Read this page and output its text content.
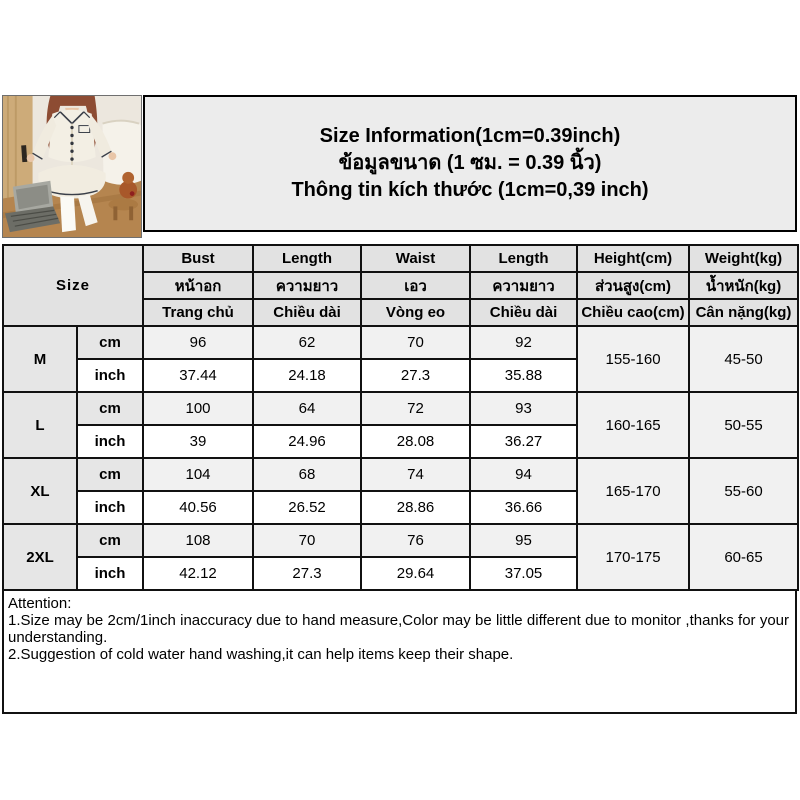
Size Information(1cm=0.39inch)
ข้อมูลขนาด (1 ซม. = 0.39 นิ้ว)
Thông tin kích thước (1cm=0,39 inch)
Size		Bust	Length	Waist	Length	Height(cm)	Weight(kg)
		หน้าอก	ความยาว	เอว	ความยาว	ส่วนสูง(cm)	น้ำหนัก(kg)
		Trang chủ	Chiều dài	Vòng eo	Chiều dài	Chiều cao(cm)	Cân nặng(kg)
M	cm	96	62	70	92	155-160	45-50
	inch	37.44	24.18	27.3	35.88		
L	cm	100	64	72	93	160-165	50-55
	inch	39	24.96	28.08	36.27		
XL	cm	104	68	74	94	165-170	55-60
	inch	40.56	26.52	28.86	36.66		
2XL	cm	108	70	76	95	170-175	60-65
	inch	42.12	27.3	29.64	37.05		

Attention:

1.Size may be 2cm/1inch inaccuracy due to hand measure,Color may be little different due to monitor ,thanks for your understanding.

2.Suggestion of cold water hand washing,it can help items keep their shape.
